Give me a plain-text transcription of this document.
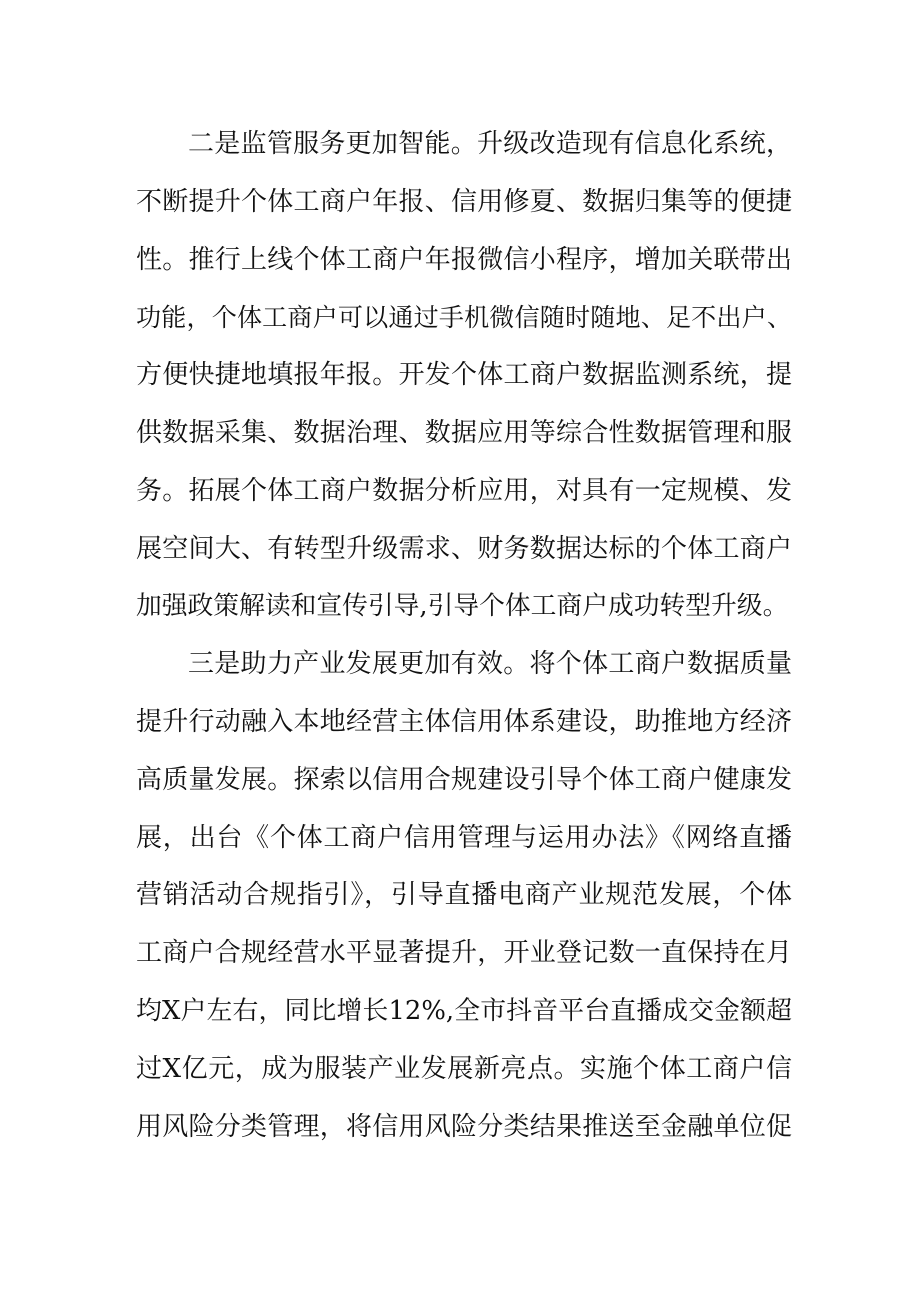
二是监管服务更加智能。升级改造现有信息化系统，
不断提升个体工商户年报、信用修夏、数据归集等的便捷
性。推行上线个体工商户年报微信小程序，增加关联带出
功能，个体工商户可以通过手机微信随时随地、足不出户、
方便快捷地填报年报。开发个体工商户数据监测系统，提
供数据采集、数据治理、数据应用等综合性数据管理和服
务。拓展个体工商户数据分析应用，对具有一定规模、发
展空间大、有转型升级需求、财务数据达标的个体工商户
加强政策解读和宣传引导,引导个体工商户成功转型升级。
三是助力产业发展更加有效。将个体工商户数据质量
提升行动融入本地经营主体信用体系建设，助推地方经济
高质量发展。探索以信用合规建设引导个体工商户健康发
展，出台《个体工商户信用管理与运用办法》《网络直播
营销活动合规指引》，引导直播电商产业规范发展，个体
工商户合规经营水平显著提升，开业登记数一直保持在月
均X户左右，同比增长12%,全市抖音平台直播成交金额超
过X亿元，成为服装产业发展新亮点。实施个体工商户信
用风险分类管理，将信用风险分类结果推送至金融单位促
